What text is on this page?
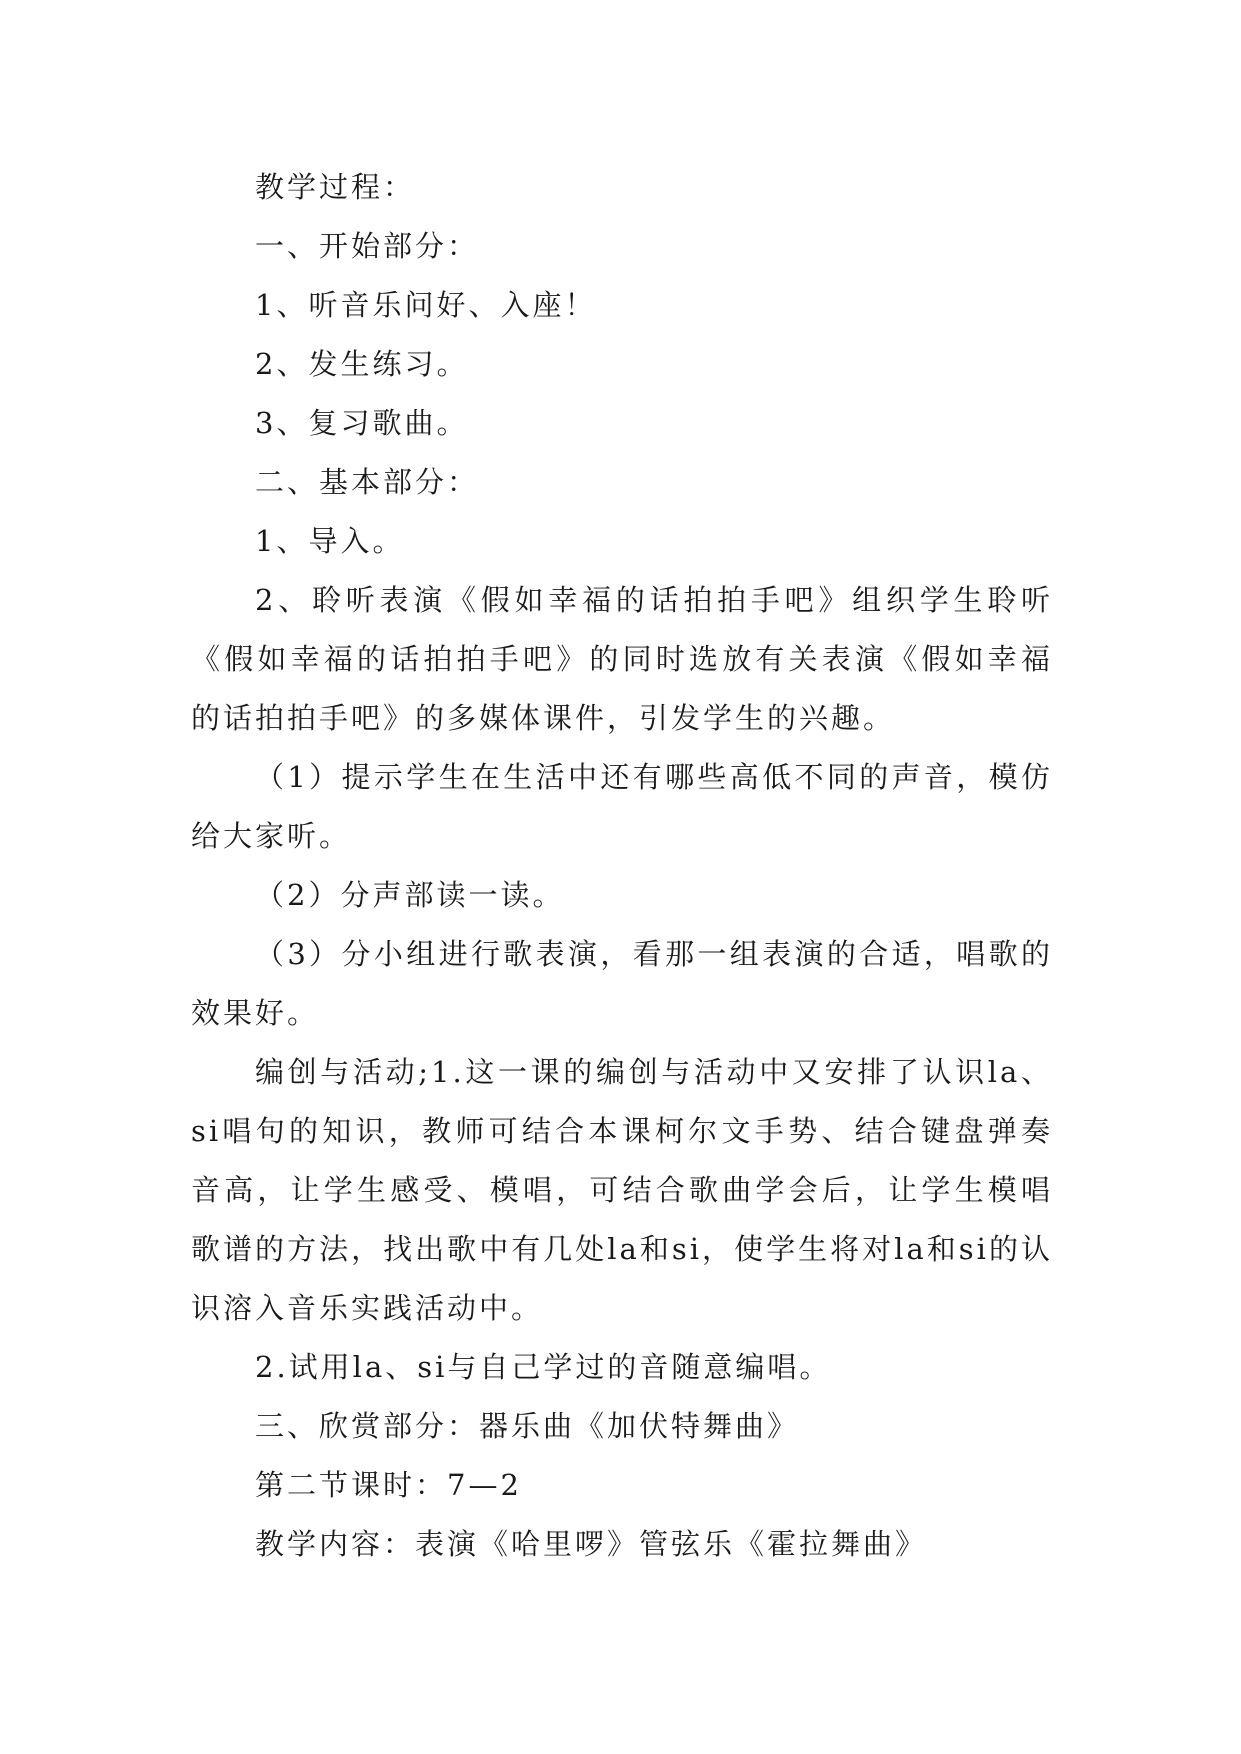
教学过程：

一、开始部分：

1、听音乐问好、入座！

2、发生练习。

3、复习歌曲。

二、基本部分：

1、导入。

2、聆听表演《假如幸福的话拍拍手吧》组织学生聆听《假如幸福的话拍拍手吧》的同时选放有关表演《假如幸福的话拍拍手吧》的多媒体课件，引发学生的兴趣。

（1）提示学生在生活中还有哪些高低不同的声音，模仿给大家听。

（2）分声部读一读。

（3）分小组进行歌表演，看那一组表演的合适，唱歌的效果好。

编创与活动;1.这一课的编创与活动中又安排了认识la、si唱句的知识，教师可结合本课柯尔文手势、结合键盘弹奏音高，让学生感受、模唱，可结合歌曲学会后，让学生模唱歌谱的方法，找出歌中有几处la和si，使学生将对la和si的认识溶入音乐实践活动中。

2.试用la、si与自己学过的音随意编唱。

三、欣赏部分：器乐曲《加伏特舞曲》

第二节课时：7—2

教学内容：表演《哈里啰》管弦乐《霍拉舞曲》
